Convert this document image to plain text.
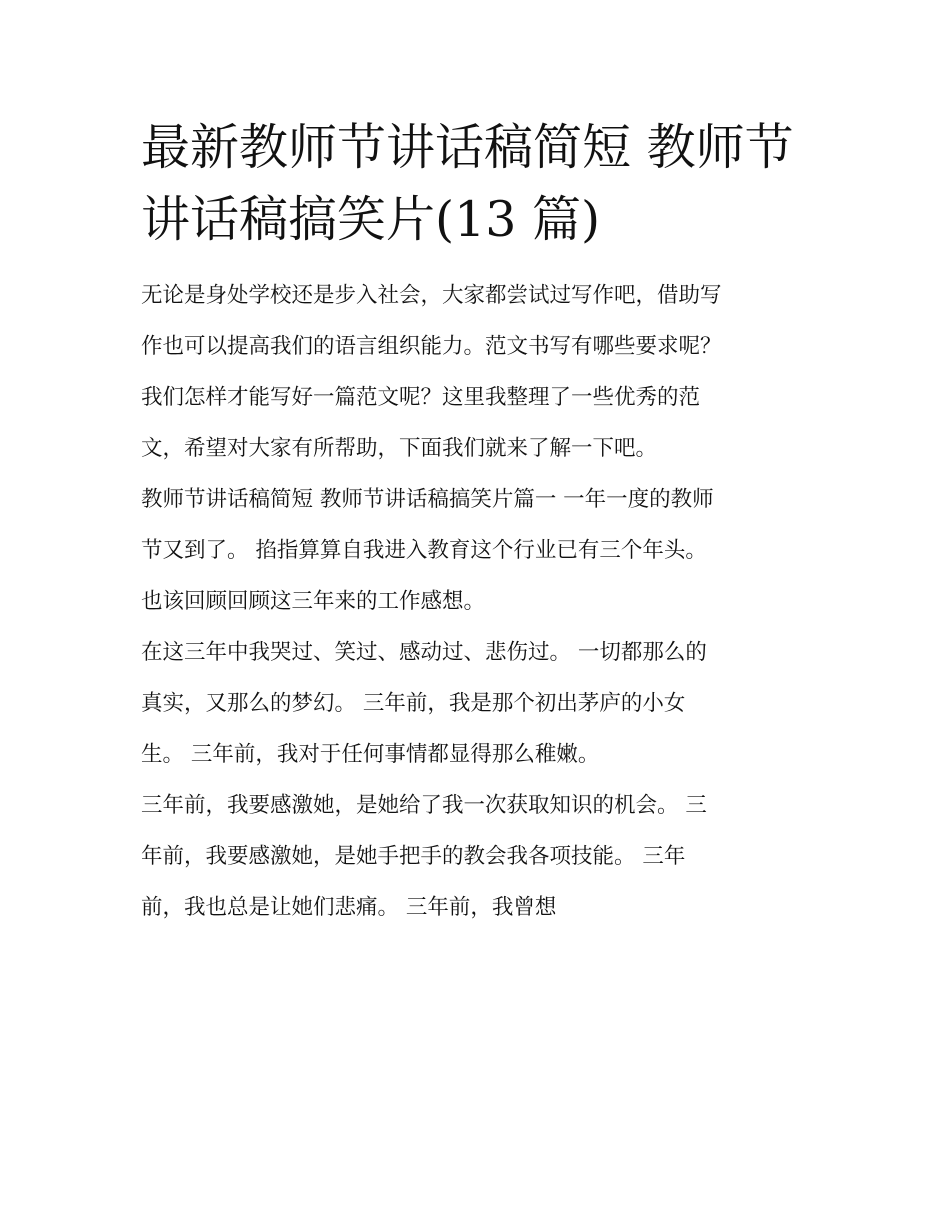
最新教师节讲话稿简短 教师节
讲话稿搞笑片(13 篇)
无论是身处学校还是步入社会，大家都尝试过写作吧，借助写
作也可以提高我们的语言组织能力。范文书写有哪些要求呢？
我们怎样才能写好一篇范文呢？这里我整理了一些优秀的范
文，希望对大家有所帮助，下面我们就来了解一下吧。
教师节讲话稿简短 教师节讲话稿搞笑片篇一 一年一度的教师
节又到了。 掐指算算自我进入教育这个行业已有三个年头。
也该回顾回顾这三年来的工作感想。
在这三年中我哭过、笑过、感动过、悲伤过。 一切都那么的
真实，又那么的梦幻。 三年前，我是那个初出茅庐的小女
生。 三年前，我对于任何事情都显得那么稚嫩。
三年前，我要感激她，是她给了我一次获取知识的机会。 三
年前，我要感激她，是她手把手的教会我各项技能。 三年
前，我也总是让她们悲痛。 三年前，我曾想
